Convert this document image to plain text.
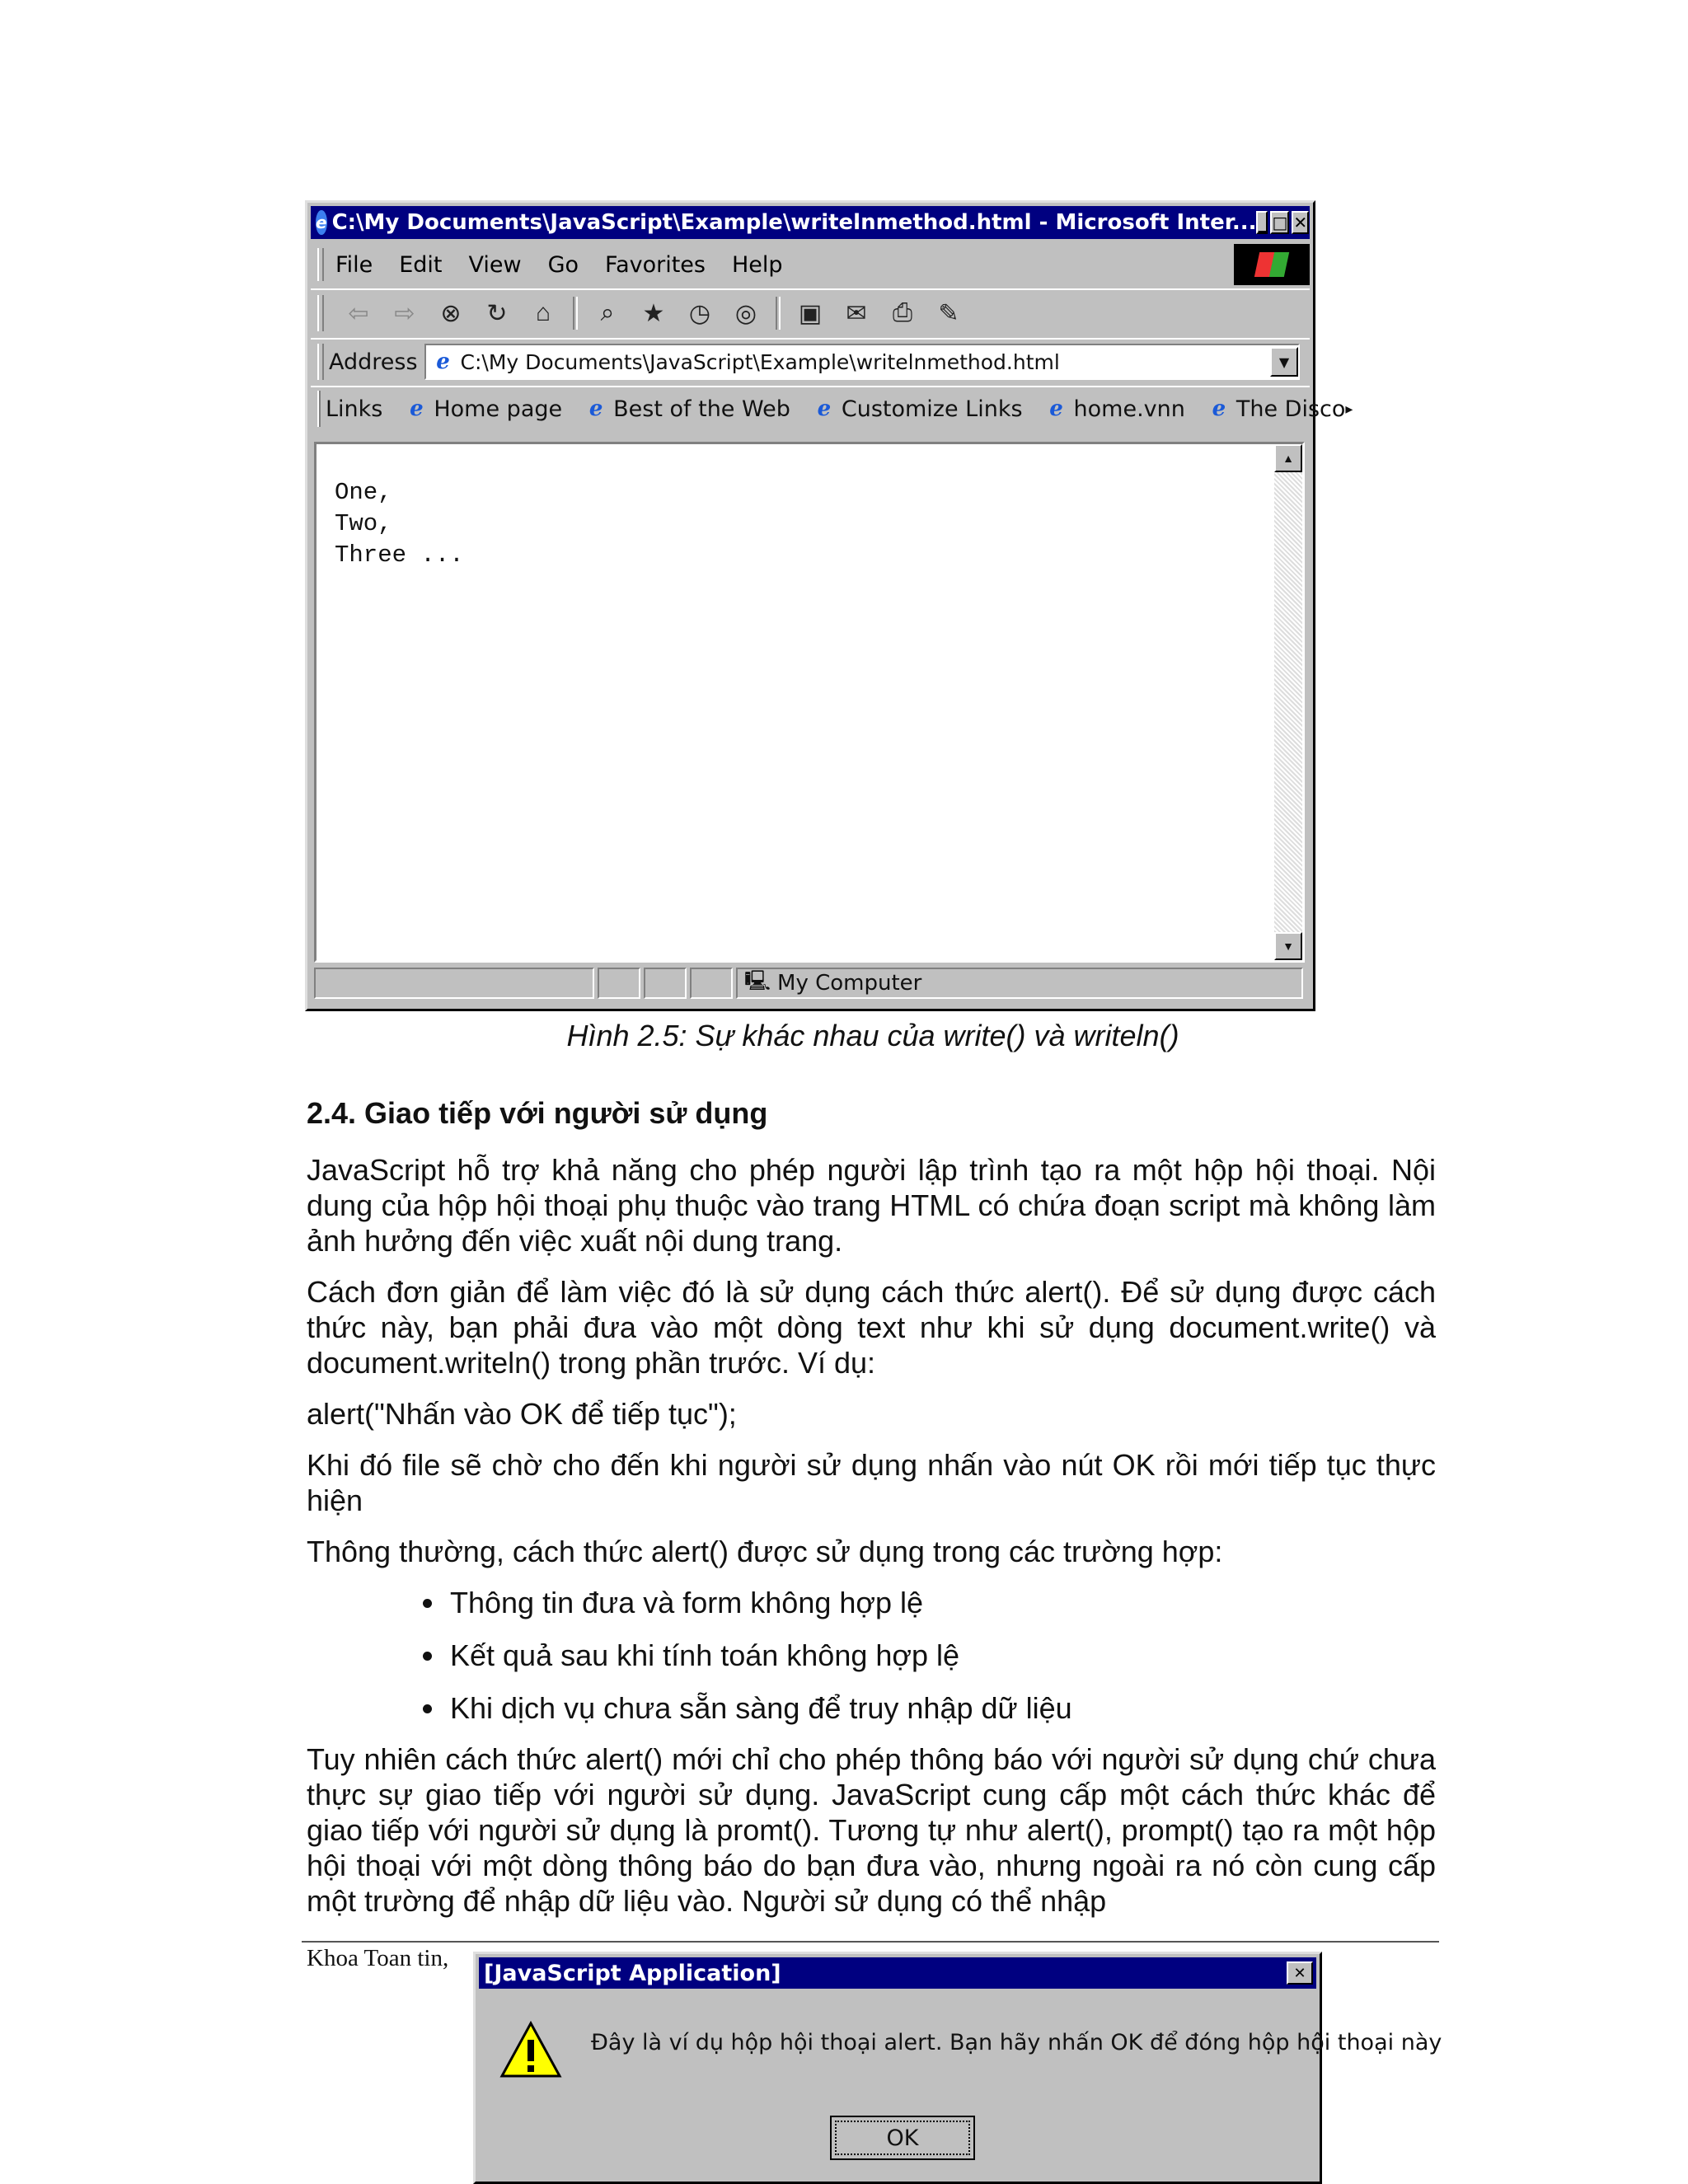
e C:\My Documents\JavaScript\Example\writelnmethod.html - Microsoft Inter... _ □ ✕
File Edit View Go Favorites Help
⇦ ⇨ ⊗ ↻	⌂	⌕	★ ◷ ◎ ▣ ✉ ⎙ ✎
Address e C:\My Documents\JavaScript\Example\writelnmethod.html	▼
Links e Home page e Best of the Web e Customize Links e home.vnn e The Disco ▸
One,
Two,
Three ...
▲
▼
🖳 My Computer
Hình 2.5: Sự khác nhau của write() và writeln()
2.4. Giao tiếp với người sử dụng

JavaScript hỗ trợ khả năng cho phép người lập trình tạo ra một hộp hội thoại. Nội dung của hộp hội thoại phụ thuộc vào trang HTML có chứa đoạn script mà không làm ảnh hưởng đến việc xuất nội dung trang.

Cách đơn giản để làm việc đó là sử dụng cách thức alert(). Để sử dụng được cách thức này, bạn phải đưa vào một dòng text như khi sử dụng document.write() và document.writeln() trong phần trước. Ví dụ:

alert("Nhấn vào OK để tiếp tục");

Khi đó file sẽ chờ cho đến khi người sử dụng nhấn vào nút OK rồi mới tiếp tục thực hiện

Thông thường, cách thức alert() được sử dụng trong các trường hợp:

• Thông tin đưa và form không hợp lệ
• Kết quả sau khi tính toán không hợp lệ
• Khi dịch vụ chưa sẵn sàng để truy nhập dữ liệu

Tuy nhiên cách thức alert() mới chỉ cho phép thông báo với người sử dụng chứ chưa thực sự giao tiếp với người sử dụng. JavaScript cung cấp một cách thức khác để giao tiếp với người sử dụng là promt(). Tương tự như alert(), prompt() tạo ra một hộp hội thoại với một dòng thông báo do bạn đưa vào, nhưng ngoài ra nó còn cung cấp một trường để nhập dữ liệu vào. Người sử dụng có thể nhập

Khoa Toan tin,
[JavaScript Application]	✕
Đây là ví dụ hộp hội thoại alert. Bạn hãy nhấn OK để đóng hộp hội thoại này
OK
